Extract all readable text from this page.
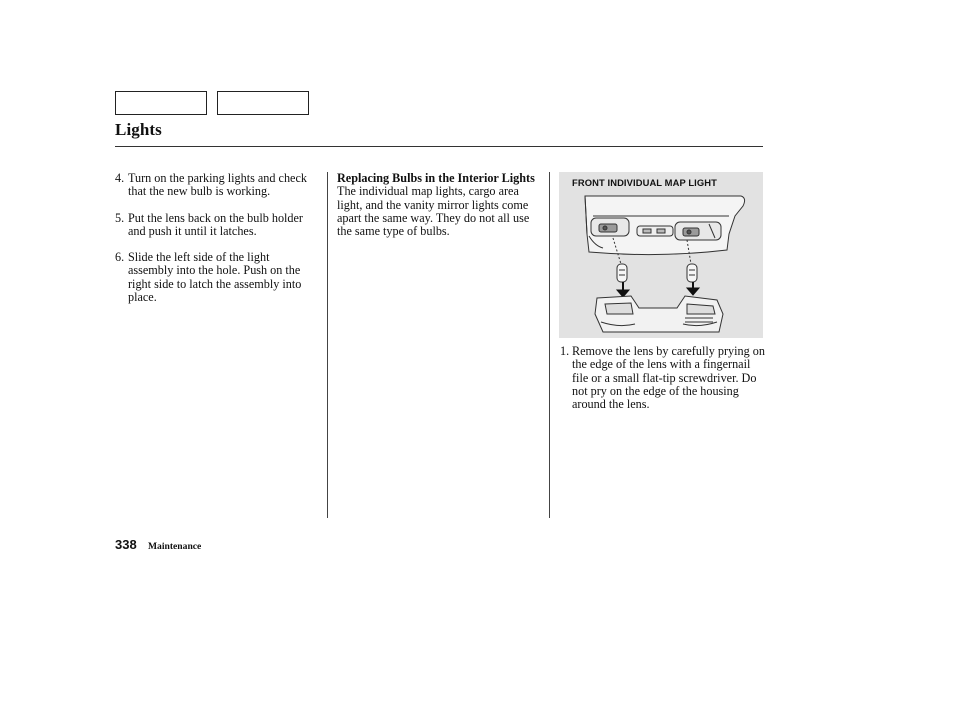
Lights
4. Turn on the parking lights and check that the new bulb is working.
5. Put the lens back on the bulb holder and push it until it latches.
6. Slide the left side of the light assembly into the hole. Push on the right side to latch the assembly into place.
Replacing Bulbs in the Interior Lights
The individual map lights, cargo area light, and the vanity mirror lights come apart the same way. They do not all use the same type of bulbs.
FRONT INDIVIDUAL MAP LIGHT
1. Remove the lens by carefully prying on the edge of the lens with a fingernail file or a small flat-tip screwdriver. Do not pry on the edge of the housing around the lens.
338 Maintenance
